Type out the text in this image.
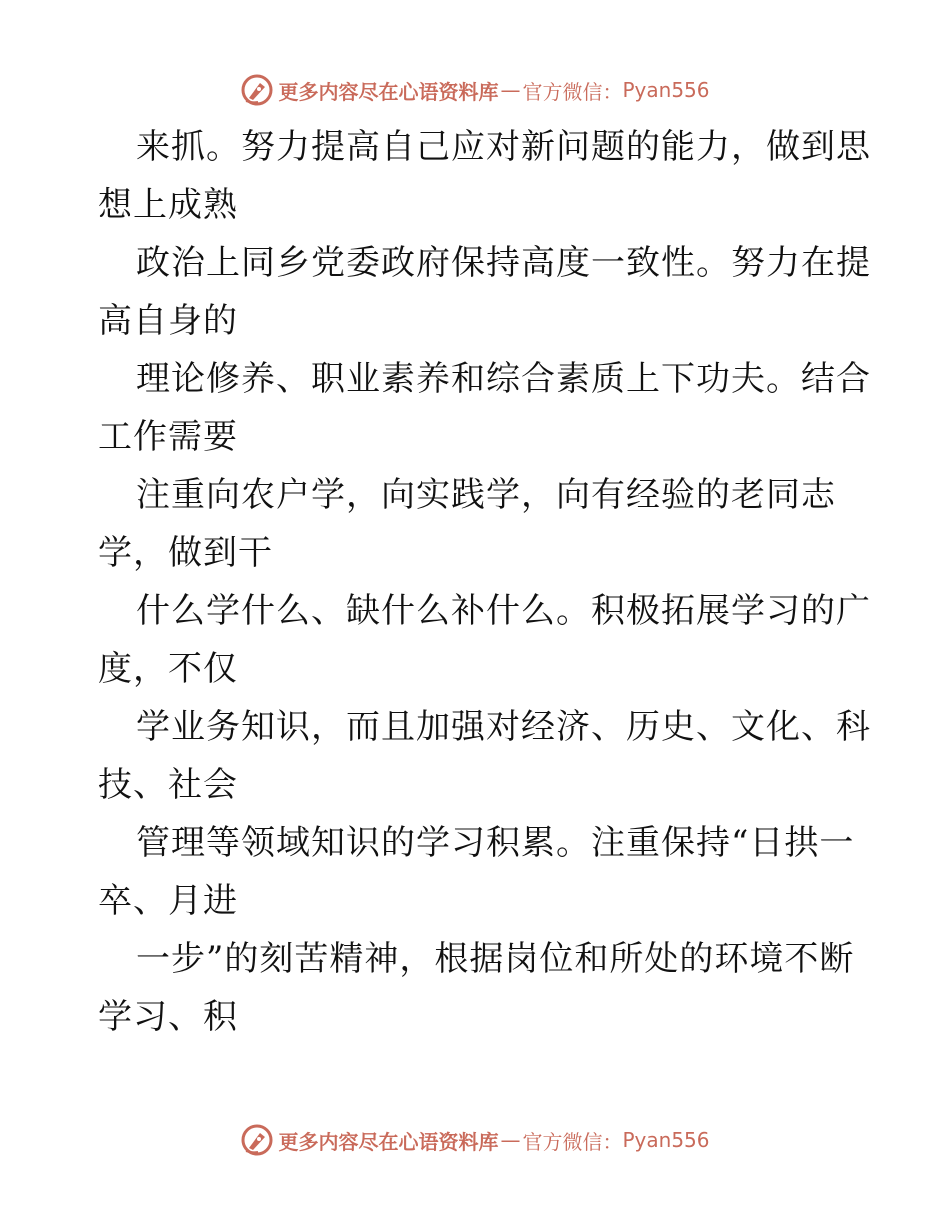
更多内容尽在心语资料库 — 官方微信： Pyan556

来抓。努力提高自己应对新问题的能力，做到思
想上成熟

政治上同乡党委政府保持高度一致性。努力在提
高自身的

理论修养、职业素养和综合素质上下功夫。结合
工作需要

注重向农户学，向实践学，向有经验的老同志
学，做到干

什么学什么、缺什么补什么。积极拓展学习的广
度，不仅

学业务知识，而且加强对经济、历史、文化、科
技、社会

管理等领域知识的学习积累。注重保持“日拱一
卒、月进

一步”的刻苦精神，根据岗位和所处的环境不断
学习、积

更多内容尽在心语资料库 — 官方微信： Pyan556
